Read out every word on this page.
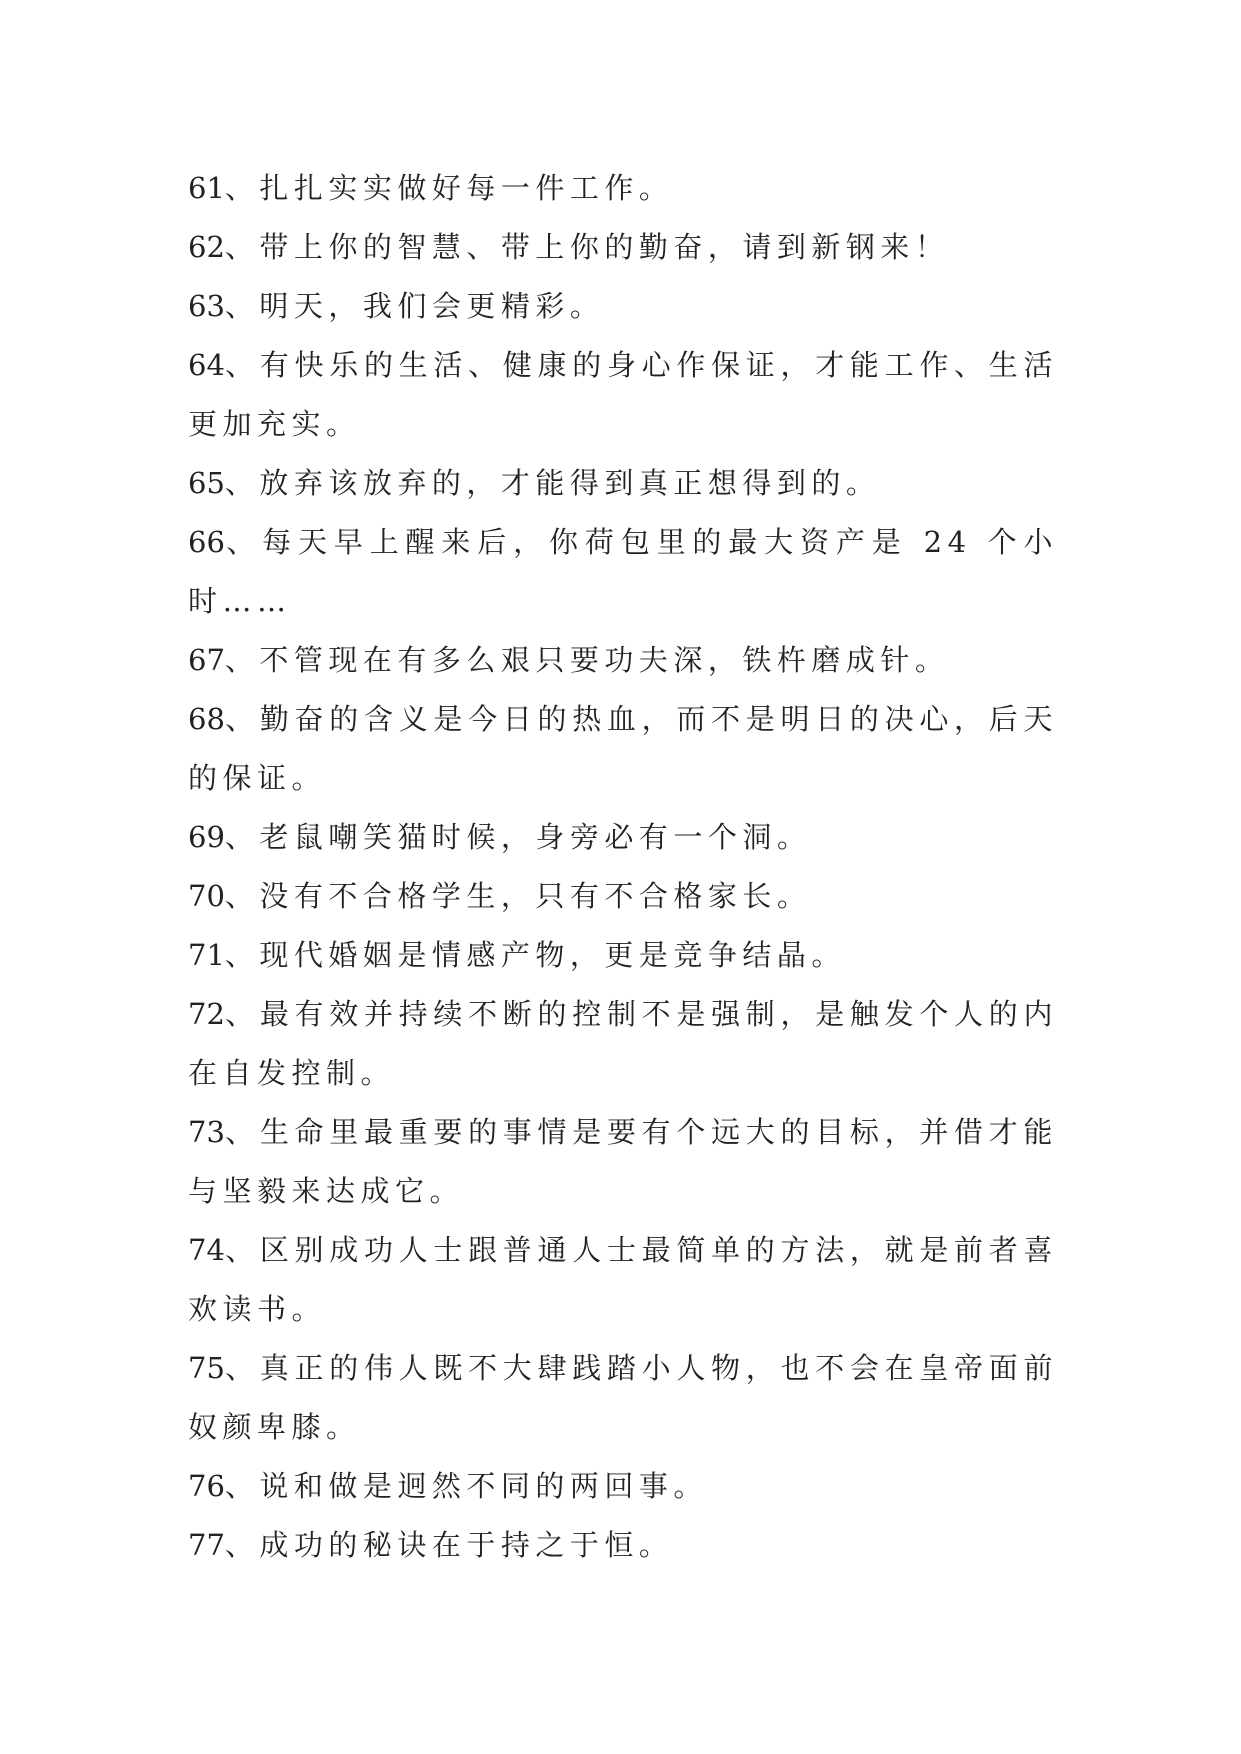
61、扎扎实实做好每一件工作。

62、带上你的智慧、带上你的勤奋，请到新钢来！

63、明天，我们会更精彩。

64、有快乐的生活、健康的身心作保证，才能工作、生活更加充实。

65、放弃该放弃的，才能得到真正想得到的。

66、每天早上醒来后，你荷包里的最大资产是 24 个小时……

67、不管现在有多么艰只要功夫深，铁杵磨成针。

68、勤奋的含义是今日的热血，而不是明日的决心，后天的保证。

69、老鼠嘲笑猫时候，身旁必有一个洞。

70、没有不合格学生，只有不合格家长。

71、现代婚姻是情感产物，更是竞争结晶。

72、最有效并持续不断的控制不是强制，是触发个人的内在自发控制。

73、生命里最重要的事情是要有个远大的目标，并借才能与坚毅来达成它。

74、区别成功人士跟普通人士最简单的方法，就是前者喜欢读书。

75、真正的伟人既不大肆践踏小人物，也不会在皇帝面前奴颜卑膝。

76、说和做是迥然不同的两回事。

77、成功的秘诀在于持之于恒。
